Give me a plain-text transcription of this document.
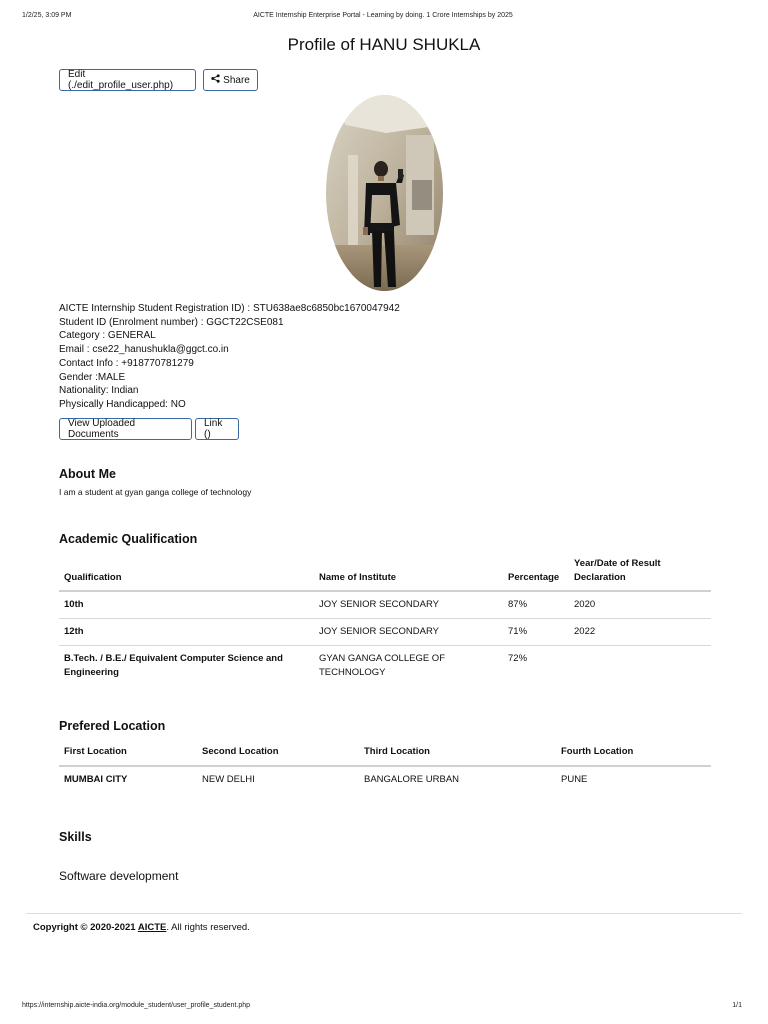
1/2/25, 3:09 PM	AICTE Internship Enterprise Portal - Learning by doing. 1 Crore Internships by 2025
Profile of HANU SHUKLA
Edit (./edit_profile_user.php)	Share
AICTE Internship Student Registration ID) : STU638ae8c6850bc1670047942
Student ID (Enrolment number) : GGCT22CSE081
Category : GENERAL
Email : cse22_hanushukla@ggct.co.in
Contact Info : +918770781279
Gender :MALE
Nationality: Indian
Physically Handicapped: NO
View Uploaded Documents
Link ()
About Me
I am a student at gyan ganga college of technology
Academic Qualification
Qualification	Name of Institute	Percentage	Year/Date of Result Declaration
10th	JOY SENIOR SECONDARY	87%	2020
12th	JOY SENIOR SECONDARY	71%	2022
B.Tech. / B.E./ Equivalent Computer Science and Engineering	GYAN GANGA COLLEGE OF TECHNOLOGY	72%	
Prefered Location
First Location	Second Location	Third Location	Fourth Location
MUMBAI CITY	NEW DELHI	BANGALORE URBAN	PUNE
Skills
Software development
Copyright © 2020-2021 AICTE. All rights reserved.
https://internship.aicte-india.org/module_student/user_profile_student.php	1/1
